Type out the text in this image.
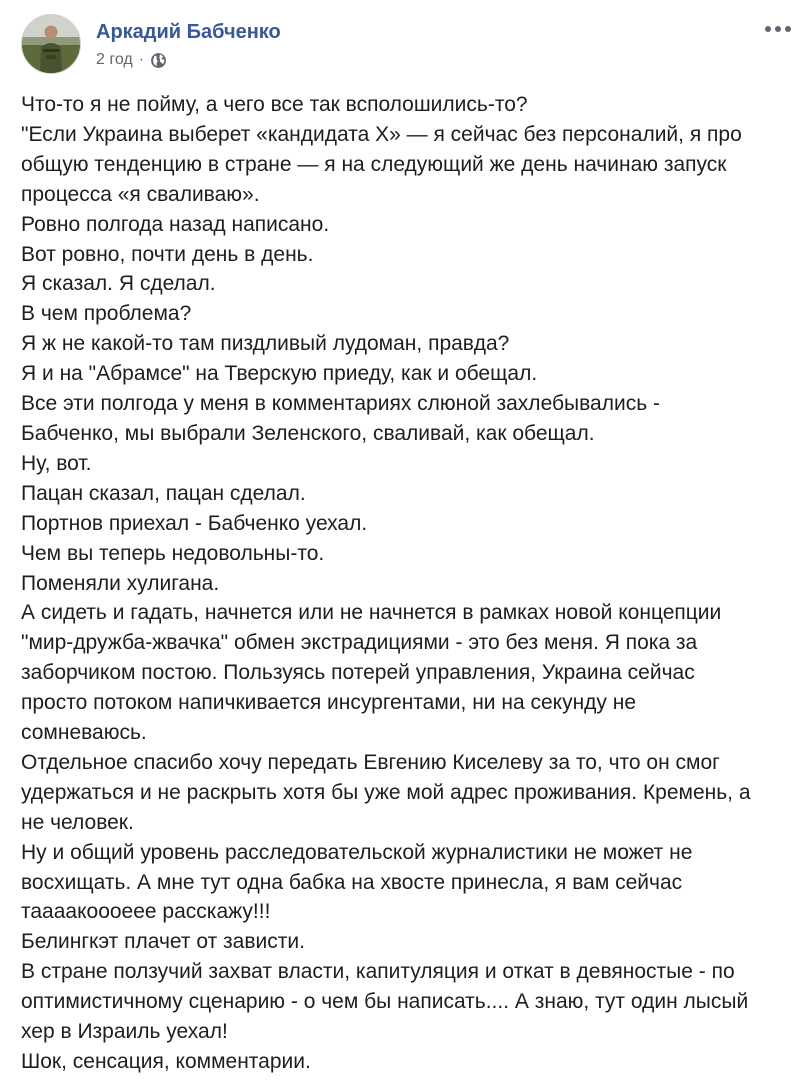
Аркадий Бабченко
2 год ·
Что-то я не пойму, а чего все так всполошились-то?
"Если Украина выберет «кандидата Х» — я сейчас без персоналий, я про
общую тенденцию в стране — я на следующий же день начинаю запуск
процесса «я сваливаю».
Ровно полгода назад написано.
Вот ровно, почти день в день.
Я сказал. Я сделал.
В чем проблема?
Я ж не какой-то там пиздливый лудоман, правда?
Я и на "Абрамсе" на Тверскую приеду, как и обещал.
Все эти полгода у меня в комментариях слюной захлебывались -
Бабченко, мы выбрали Зеленского, сваливай, как обещал.
Ну, вот.
Пацан сказал, пацан сделал.
Портнов приехал - Бабченко уехал.
Чем вы теперь недовольны-то.
Поменяли хулигана.
А сидеть и гадать, начнется или не начнется в рамках новой концепции
"мир-дружба-жвачка" обмен экстрадициями - это без меня. Я пока за
заборчиком постою. Пользуясь потерей управления, Украина сейчас
просто потоком напичкивается инсургентами, ни на секунду не
сомневаюсь.
Отдельное спасибо хочу передать Евгению Киселеву за то, что он смог
удержаться и не раскрыть хотя бы уже мой адрес проживания. Кремень, а
не человек.
Ну и общий уровень расследовательской журналистики не может не
восхищать. А мне тут одна бабка на хвосте принесла, я вам сейчас
таааакоооеее расскажу!!!
Белингкэт плачет от зависти.
В стране ползучий захват власти, капитуляция и откат в девяностые - по
оптимистичному сценарию - о чем бы написать.... А знаю, тут один лысый
хер в Израиль уехал!
Шок, сенсация, комментарии.
